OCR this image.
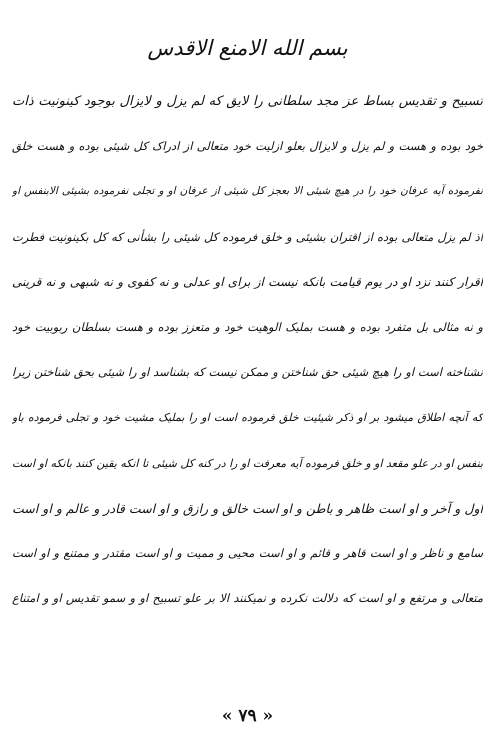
بسم الله الامنع الاقدس
تسبیح و تقدیس بساط عز مجد سلطانی را لایق که لم یزل و لایزال بوجود کینونیت ذات
خود بوده و هست و لم یزل و لایزال بعلو ازلیت خود متعالی از ادراک کل شیئی بوده و هست خلق
نفرموده آیه عرفان خود را در هیچ شیئی الا بعجز کل شیئی از عرفان او و تجلی نفرموده بشیئی الابنفس او
اذ لم یزل متعالی بوده از اقتران بشیئی و خلق فرموده کل شیئی را بشأنی که کل بکینونیت فطرت
اقرار کنند نزد او در یوم قیامت بانکه نیست از برای او عدلی و نه کفوی و نه شبهی و نه قرینی
و نه مثالی بل متفرد بوده و هست بملیک الوهیت خود و متعزز بوده و هست بسلطان ربوبیت خود
نشناخته است او را هیچ شیئی حق شناختن و ممکن نیست که بشناسد او را شیئی بحق شناختن زیرا
که آنچه اطلاق میشود بر او ذکر شیئیت خلق فرموده است او را بملیک مشیت خود و تجلی فرموده باو
بنفس او در علو مقعد او و خلق فرموده آیه معرفت او را در کنه کل شیئی تا انکه یقین کنند بانکه او است
اول و آخر و او است ظاهر و باطن و او است خالق و رازق و او است قادر و عالم و او است
سامع و ناظر و او است قاهر و قائم و او است محیی و ممیت و او است مقتدر و ممتنع و او است
متعالی و مرتفع و او است که دلالت نکرده و نمیکنند الا بر علو تسبیح او و سمو تقدیس او و امتناع
« ۷۹ »
